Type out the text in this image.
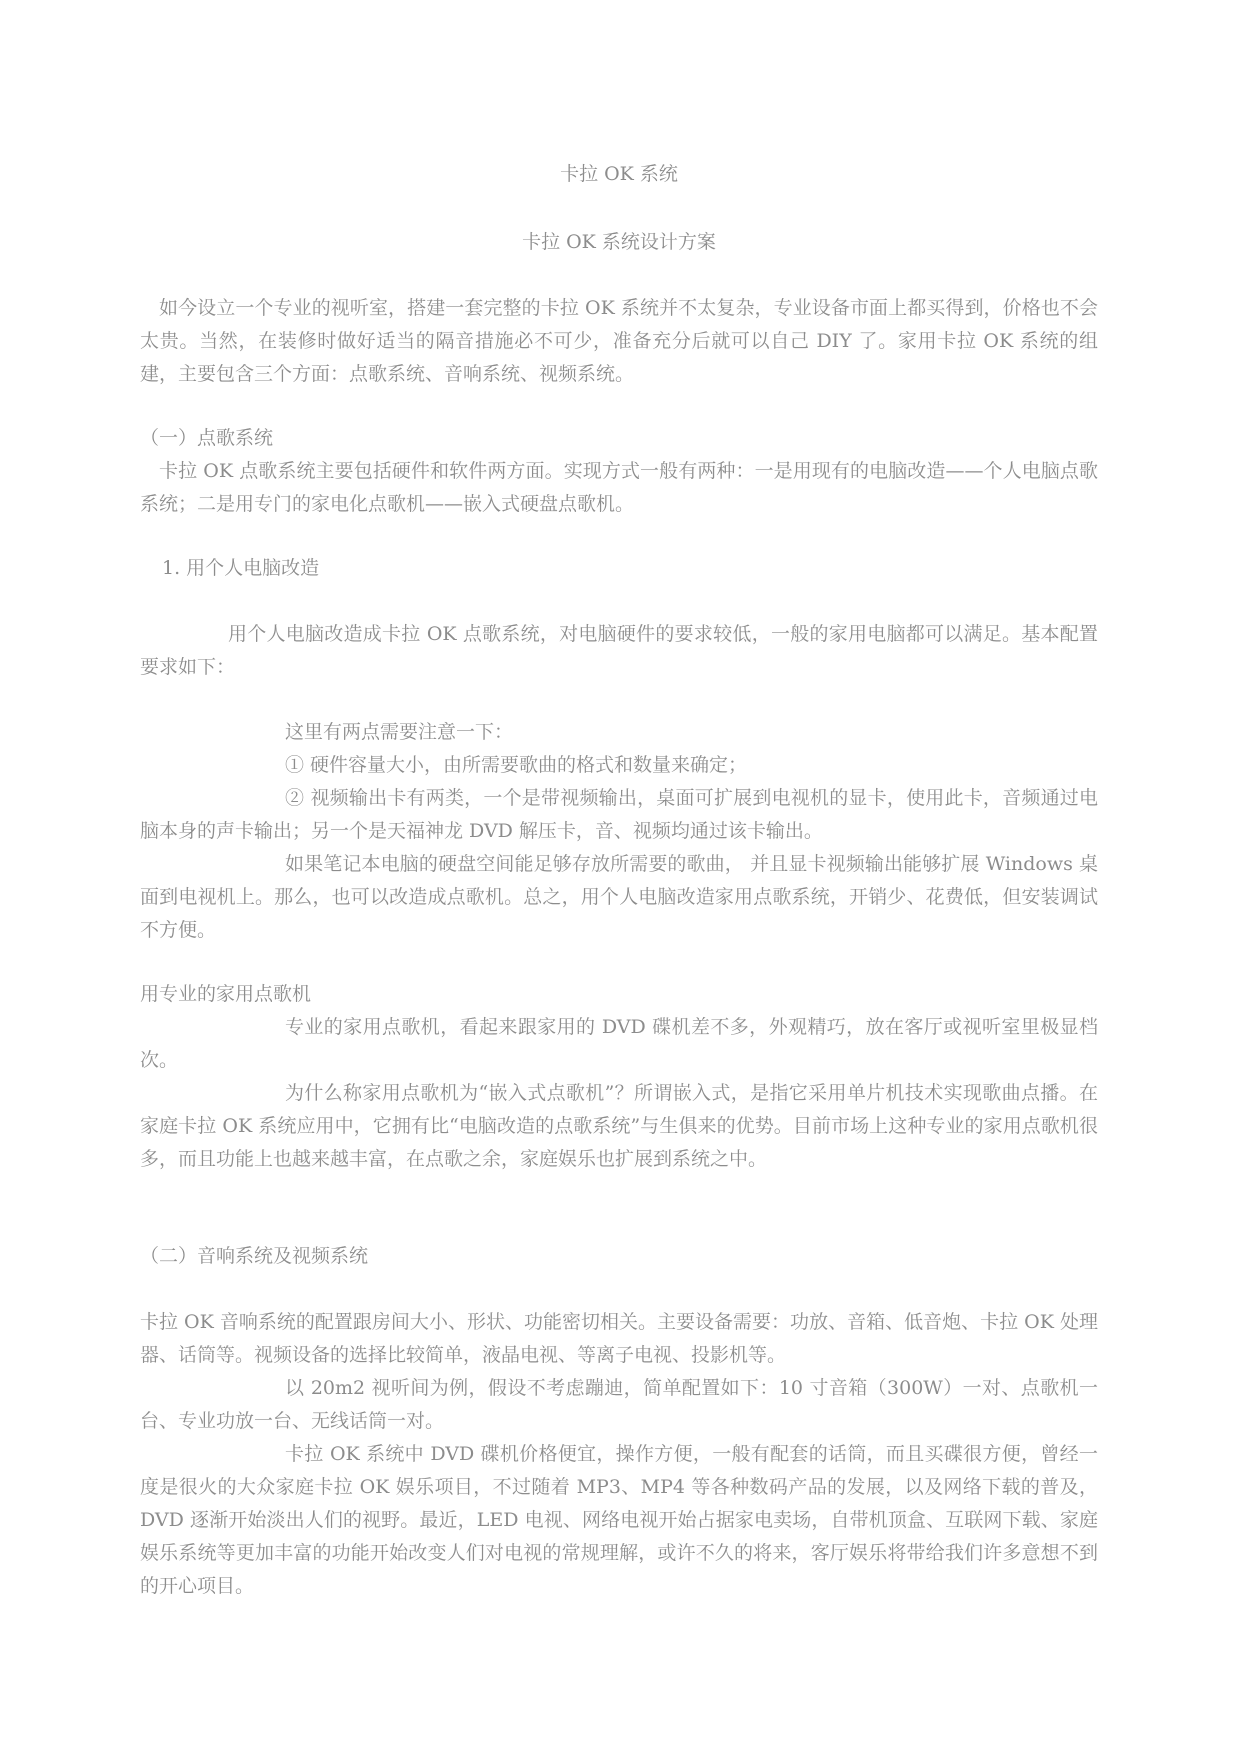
卡拉 OK 系统
卡拉 OK 系统设计方案

如今设立一个专业的视听室，搭建一套完整的卡拉 OK 系统并不太复杂，专业设备市面上都买得到，价格也不会太贵。当然，在装修时做好适当的隔音措施必不可少，准备充分后就可以自己 DIY 了。家用卡拉 OK 系统的组建，主要包含三个方面：点歌系统、音响系统、视频系统。

（一）点歌系统

卡拉 OK 点歌系统主要包括硬件和软件两方面。实现方式一般有两种：一是用现有的电脑改造——个人电脑点歌系统；二是用专门的家电化点歌机——嵌入式硬盘点歌机。

1. 用个人电脑改造

用个人电脑改造成卡拉 OK 点歌系统，对电脑硬件的要求较低，一般的家用电脑都可以满足。基本配置要求如下：

这里有两点需要注意一下：

① 硬件容量大小，由所需要歌曲的格式和数量来确定；

② 视频输出卡有两类，一个是带视频输出，桌面可扩展到电视机的显卡，使用此卡，音频通过电脑本身的声卡输出；另一个是天福神龙 DVD 解压卡，音、视频均通过该卡输出。

如果笔记本电脑的硬盘空间能足够存放所需要的歌曲， 并且显卡视频输出能够扩展 Windows 桌面到电视机上。那么，也可以改造成点歌机。总之，用个人电脑改造家用点歌系统，开销少、花费低，但安装调试不方便。

用专业的家用点歌机

专业的家用点歌机，看起来跟家用的 DVD 碟机差不多，外观精巧，放在客厅或视听室里极显档次。

为什么称家用点歌机为“嵌入式点歌机”？所谓嵌入式，是指它采用单片机技术实现歌曲点播。在家庭卡拉 OK 系统应用中，它拥有比“电脑改造的点歌系统”与生俱来的优势。目前市场上这种专业的家用点歌机很多，而且功能上也越来越丰富，在点歌之余，家庭娱乐也扩展到系统之中。

（二）音响系统及视频系统

卡拉 OK 音响系统的配置跟房间大小、形状、功能密切相关。主要设备需要：功放、音箱、低音炮、卡拉 OK 处理器、话筒等。视频设备的选择比较简单，液晶电视、等离子电视、投影机等。

以 20m2 视听间为例，假设不考虑蹦迪，简单配置如下：10 寸音箱（300W）一对、点歌机一台、专业功放一台、无线话筒一对。

卡拉 OK 系统中 DVD 碟机价格便宜，操作方便，一般有配套的话筒，而且买碟很方便，曾经一度是很火的大众家庭卡拉 OK 娱乐项目，不过随着 MP3、MP4 等各种数码产品的发展，以及网络下载的普及，DVD 逐渐开始淡出人们的视野。最近，LED 电视、网络电视开始占据家电卖场，自带机顶盒、互联网下载、家庭娱乐系统等更加丰富的功能开始改变人们对电视的常规理解，或许不久的将来，客厅娱乐将带给我们许多意想不到的开心项目。
